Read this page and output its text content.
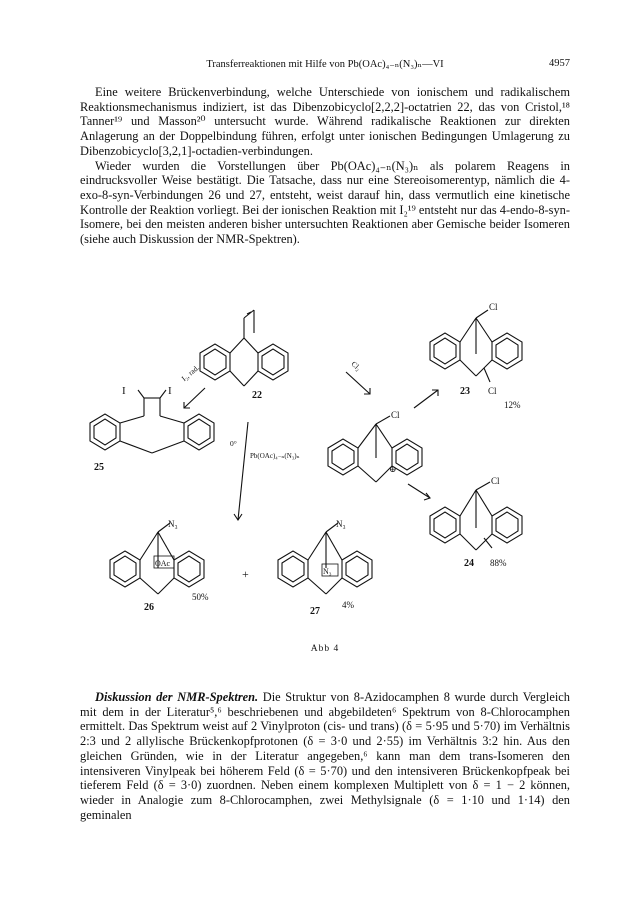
Transferreaktionen mit Hilfe von Pb(OAc)₄₋ₙ(N₃)ₙ—VI	4957

Eine weitere Brückenverbindung, welche Unterschiede von ionischem und radikalischem Reaktionsmechanismus indiziert, ist das Dibenzobicyclo[2,2,2]-octatrien 22, das von Cristol,¹⁸ Tanner¹⁹ und Masson²⁰ untersucht wurde. Während radikalische Reaktionen zur direkten Anlagerung an der Doppelbindung führen, erfolgt unter ionischen Bedingungen Umlagerung zu Dibenzobicyclo[3,2,1]-octadien-verbindungen.

Wieder wurden die Vorstellungen über Pb(OAc)₄₋ₙ(N₃)ₙ als polarem Reagens in eindrucksvoller Weise bestätigt. Die Tatsache, dass nur eine Stereoisomerentyp, nämlich die 4-exo-8-syn-Verbindungen 26 und 27, entsteht, weist darauf hin, dass vermutlich eine kinetische Kontrolle der Reaktion vorliegt. Bei der ionischen Reaktion mit I₂¹⁹ entsteht nur das 4-endo-8-syn-Isomere, bei den meisten anderen bisher untersuchten Reaktionen aber Gemische beider Isomeren (siehe auch Diskussion der NMR-Spektren).

22
I	I
25
I₂, rad.
Cl
Cl
23
12%
Cl₂
Cl
⊕
Cl
24 88%
0°
Pb(OAc)₄₋ₙ(N₃)ₙ
N₃
OAc
26
50%
+
N₃
N₃
27
4%
Abb 4

Diskussion der NMR-Spektren. Die Struktur von 8-Azidocamphen 8 wurde durch Vergleich mit dem in der Literatur⁵,⁶ beschriebenen und abgebildeten⁶ Spektrum von 8-Chlorocamphen ermittelt. Das Spektrum weist auf 2 Vinylproton (cis- und trans) (δ = 5·95 und 5·70) im Verhältnis 2:3 und 2 allylische Brückenkopfprotonen (δ = 3·0 und 2·55) im Verhältnis 3:2 hin. Aus den gleichen Gründen, wie in der Literatur angegeben,⁶ kann man dem trans-Isomeren den intensiveren Vinylpeak bei höherem Feld (δ = 5·70) und den intensiveren Brückenkopfpeak bei tieferem Feld (δ = 3·0) zuordnen. Neben einem komplexen Multiplett von δ = 1 − 2 können, wieder in Analogie zum 8-Chlorocamphen, zwei Methylsignale (δ = 1·10 und 1·14) den geminalen
